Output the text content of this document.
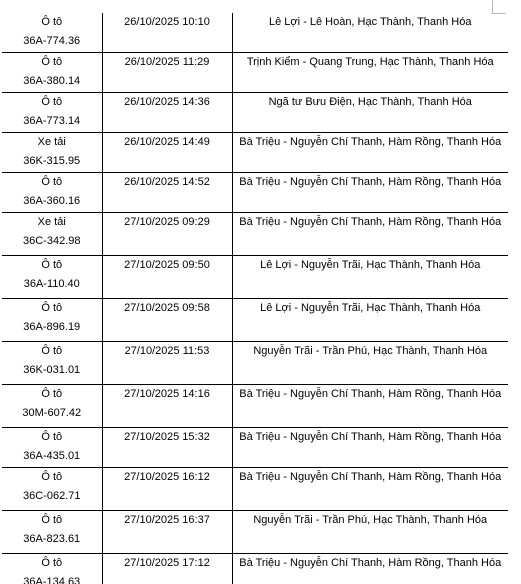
Ô tô
36A-774.36	26/10/2025 10:10	Lê Lợi - Lê Hoàn, Hạc Thành, Thanh Hóa

Ô tô
36A-380.14	26/10/2025 11:29	Trịnh Kiểm - Quang Trung, Hạc Thành, Thanh Hóa

Ô tô
36A-773.14	26/10/2025 14:36	Ngã tư Bưu Điện, Hạc Thành, Thanh Hóa

Xe tải
36K-315.95	26/10/2025 14:49	Bà Triệu - Nguyễn Chí Thanh, Hàm Rồng, Thanh Hóa

Ô tô
36A-360.16	26/10/2025 14:52	Bà Triệu - Nguyễn Chí Thanh, Hàm Rồng, Thanh Hóa

Xe tải
36C-342.98	27/10/2025 09:29	Bà Triệu - Nguyễn Chí Thanh, Hàm Rồng, Thanh Hóa

Ô tô
36A-110.40	27/10/2025 09:50	Lê Lợi - Nguyễn Trãi, Hạc Thành, Thanh Hóa

Ô tô
36A-896.19	27/10/2025 09:58	Lê Lợi - Nguyễn Trãi, Hạc Thành, Thanh Hóa

Ô tô
36K-031.01	27/10/2025 11:53	Nguyễn Trãi - Trần Phú, Hạc Thành, Thanh Hóa

Ô tô
30M-607.42	27/10/2025 14:16	Bà Triệu - Nguyễn Chí Thanh, Hàm Rồng, Thanh Hóa

Ô tô
36A-435.01	27/10/2025 15:32	Bà Triệu - Nguyễn Chí Thanh, Hàm Rồng, Thanh Hóa

Ô tô
36C-062.71	27/10/2025 16:12	Bà Triệu - Nguyễn Chí Thanh, Hàm Rồng, Thanh Hóa

Ô tô
36A-823.61	27/10/2025 16:37	Nguyễn Trãi - Trần Phú, Hạc Thành, Thanh Hóa

Ô tô
36A-134.63	27/10/2025 17:12	Bà Triệu - Nguyễn Chí Thanh, Hàm Rồng, Thanh Hóa
